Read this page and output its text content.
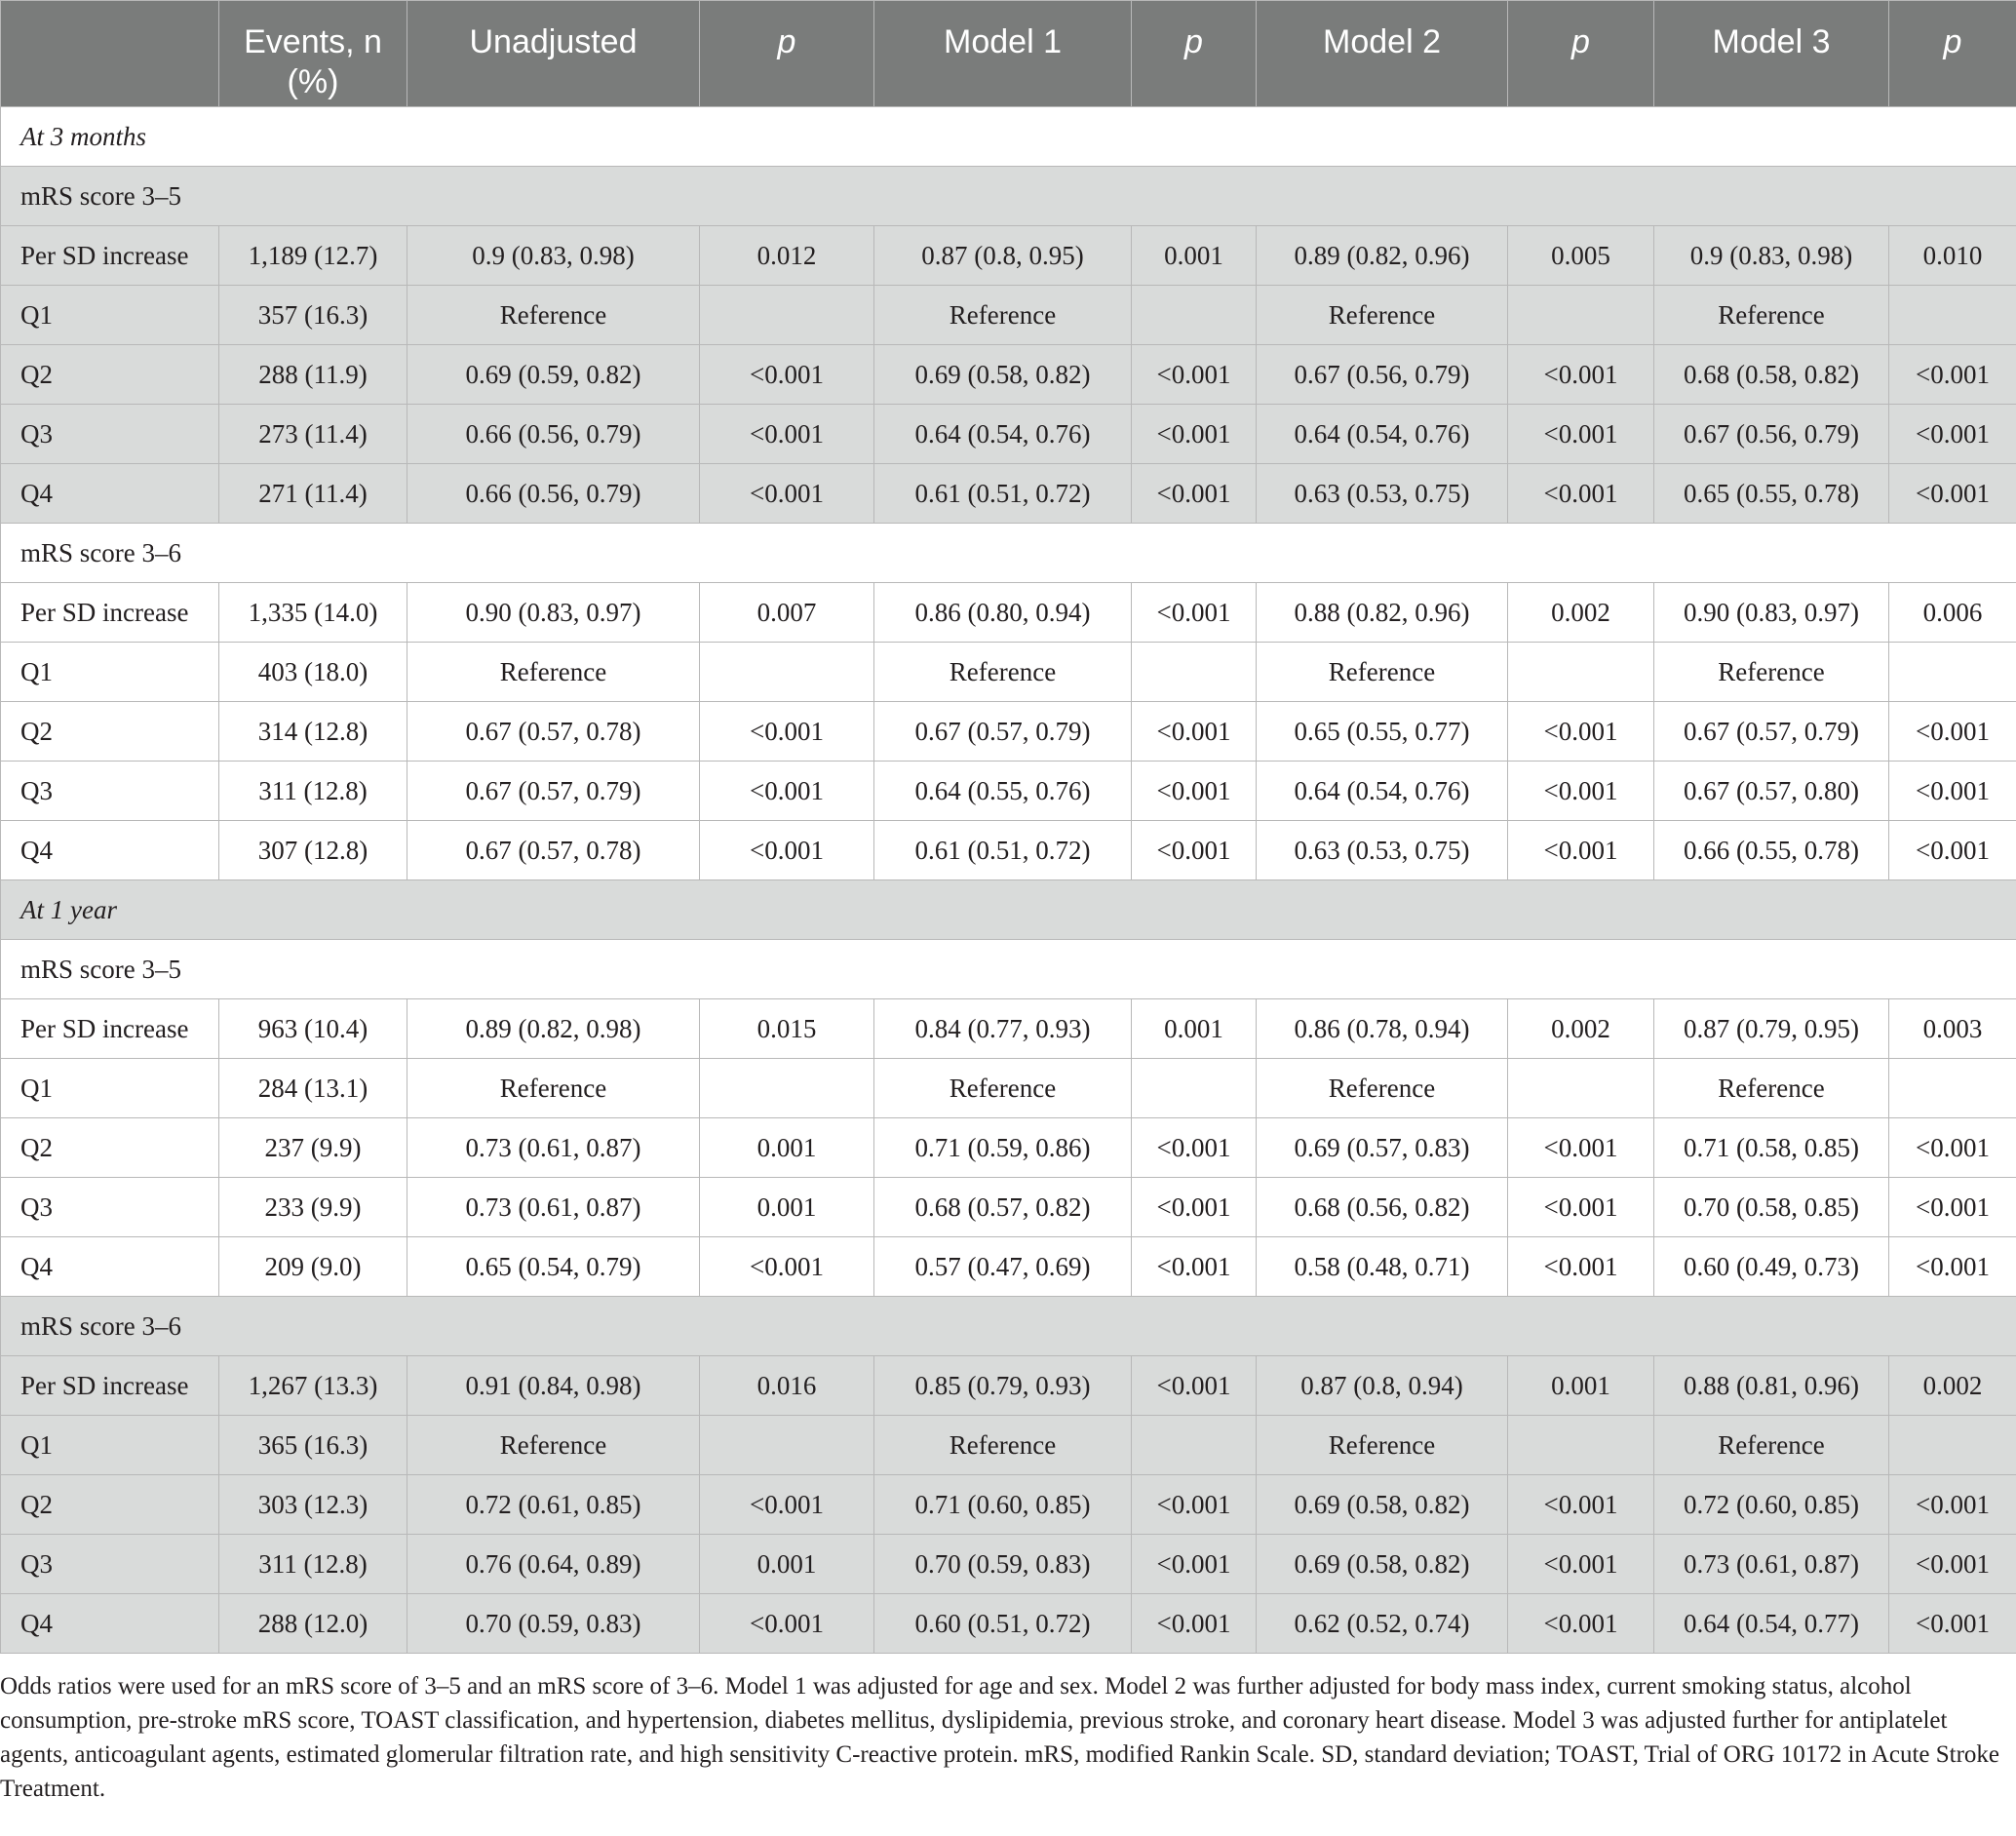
	Events, n (%)	Unadjusted	p	Model 1	p	Model 2	p	Model 3	p
At 3 months									
mRS score 3–5									
Per SD increase	1,189 (12.7)	0.9 (0.83, 0.98)	0.012	0.87 (0.8, 0.95)	0.001	0.89 (0.82, 0.96)	0.005	0.9 (0.83, 0.98)	0.010
Q1	357 (16.3)	Reference		Reference		Reference		Reference	
Q2	288 (11.9)	0.69 (0.59, 0.82)	<0.001	0.69 (0.58, 0.82)	<0.001	0.67 (0.56, 0.79)	<0.001	0.68 (0.58, 0.82)	<0.001
Q3	273 (11.4)	0.66 (0.56, 0.79)	<0.001	0.64 (0.54, 0.76)	<0.001	0.64 (0.54, 0.76)	<0.001	0.67 (0.56, 0.79)	<0.001
Q4	271 (11.4)	0.66 (0.56, 0.79)	<0.001	0.61 (0.51, 0.72)	<0.001	0.63 (0.53, 0.75)	<0.001	0.65 (0.55, 0.78)	<0.001
mRS score 3–6									
Per SD increase	1,335 (14.0)	0.90 (0.83, 0.97)	0.007	0.86 (0.80, 0.94)	<0.001	0.88 (0.82, 0.96)	0.002	0.90 (0.83, 0.97)	0.006
Q1	403 (18.0)	Reference		Reference		Reference		Reference	
Q2	314 (12.8)	0.67 (0.57, 0.78)	<0.001	0.67 (0.57, 0.79)	<0.001	0.65 (0.55, 0.77)	<0.001	0.67 (0.57, 0.79)	<0.001
Q3	311 (12.8)	0.67 (0.57, 0.79)	<0.001	0.64 (0.55, 0.76)	<0.001	0.64 (0.54, 0.76)	<0.001	0.67 (0.57, 0.80)	<0.001
Q4	307 (12.8)	0.67 (0.57, 0.78)	<0.001	0.61 (0.51, 0.72)	<0.001	0.63 (0.53, 0.75)	<0.001	0.66 (0.55, 0.78)	<0.001
At 1 year									
mRS score 3–5									
Per SD increase	963 (10.4)	0.89 (0.82, 0.98)	0.015	0.84 (0.77, 0.93)	0.001	0.86 (0.78, 0.94)	0.002	0.87 (0.79, 0.95)	0.003
Q1	284 (13.1)	Reference		Reference		Reference		Reference	
Q2	237 (9.9)	0.73 (0.61, 0.87)	0.001	0.71 (0.59, 0.86)	<0.001	0.69 (0.57, 0.83)	<0.001	0.71 (0.58, 0.85)	<0.001
Q3	233 (9.9)	0.73 (0.61, 0.87)	0.001	0.68 (0.57, 0.82)	<0.001	0.68 (0.56, 0.82)	<0.001	0.70 (0.58, 0.85)	<0.001
Q4	209 (9.0)	0.65 (0.54, 0.79)	<0.001	0.57 (0.47, 0.69)	<0.001	0.58 (0.48, 0.71)	<0.001	0.60 (0.49, 0.73)	<0.001
mRS score 3–6									
Per SD increase	1,267 (13.3)	0.91 (0.84, 0.98)	0.016	0.85 (0.79, 0.93)	<0.001	0.87 (0.8, 0.94)	0.001	0.88 (0.81, 0.96)	0.002
Q1	365 (16.3)	Reference		Reference		Reference		Reference	
Q2	303 (12.3)	0.72 (0.61, 0.85)	<0.001	0.71 (0.60, 0.85)	<0.001	0.69 (0.58, 0.82)	<0.001	0.72 (0.60, 0.85)	<0.001
Q3	311 (12.8)	0.76 (0.64, 0.89)	0.001	0.70 (0.59, 0.83)	<0.001	0.69 (0.58, 0.82)	<0.001	0.73 (0.61, 0.87)	<0.001
Q4	288 (12.0)	0.70 (0.59, 0.83)	<0.001	0.60 (0.51, 0.72)	<0.001	0.62 (0.52, 0.74)	<0.001	0.64 (0.54, 0.77)	<0.001
Odds ratios were used for an mRS score of 3–5 and an mRS score of 3–6. Model 1 was adjusted for age and sex. Model 2 was further adjusted for body mass index, current smoking status, alcohol consumption, pre-stroke mRS score, TOAST classification, and hypertension, diabetes mellitus, dyslipidemia, previous stroke, and coronary heart disease. Model 3 was adjusted further for antiplatelet agents, anticoagulant agents, estimated glomerular filtration rate, and high sensitivity C-reactive protein. mRS, modified Rankin Scale. SD, standard deviation; TOAST, Trial of ORG 10172 in Acute Stroke Treatment.
